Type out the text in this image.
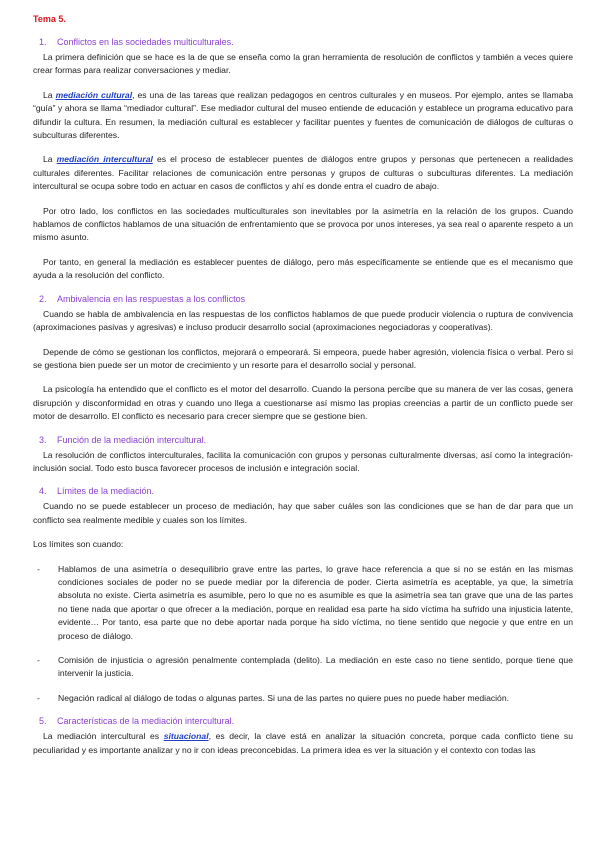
Tema 5.
1. Conflictos en las sociedades multiculturales.

La primera definición que se hace es la de que se enseña como la gran herramienta de resolución de conflictos y también a veces quiere crear formas para realizar conversaciones y mediar.

La mediación cultural, es una de las tareas que realizan pedagogos en centros culturales y en museos. Por ejemplo, antes se llamaba “guía” y ahora se llama “mediador cultural”. Ese mediador cultural del museo entiende de educación y establece un programa educativo para difundir la cultura. En resumen, la mediación cultural es establecer y facilitar puentes y fuentes de comunicación de diálogos de culturas o subculturas diferentes.

La mediación intercultural es el proceso de establecer puentes de diálogos entre grupos y personas que pertenecen a realidades culturales diferentes. Facilitar relaciones de comunicación entre personas y grupos de culturas o subculturas diferentes. La mediación intercultural se ocupa sobre todo en actuar en casos de conflictos y ahí es donde entra el cuadro de abajo.

Por otro lado, los conflictos en las sociedades multiculturales son inevitables por la asimetría en la relación de los grupos. Cuando hablamos de conflictos hablamos de una situación de enfrentamiento que se provoca por unos intereses, ya sea real o aparente respeto a un mismo asunto.

Por tanto, en general la mediación es establecer puentes de diálogo, pero más específicamente se entiende que es el mecanismo que ayuda a la resolución del conflicto.

2. Ambivalencia en las respuestas a los conflictos

Cuando se habla de ambivalencia en las respuestas de los conflictos hablamos de que puede producir violencia o ruptura de convivencia (aproximaciones pasivas y agresivas) e incluso producir desarrollo social (aproximaciones negociadoras y cooperativas).

Depende de cómo se gestionan los conflictos, mejorará o empeorará. Si empeora, puede haber agresión, violencia física o verbal. Pero si se gestiona bien puede ser un motor de crecimiento y un resorte para el desarrollo social y personal.

La psicología ha entendido que el conflicto es el motor del desarrollo. Cuando la persona percibe que su manera de ver las cosas, genera disrupción y disconformidad en otras y cuando uno llega a cuestionarse así mismo las propias creencias a partir de un conflicto puede ser motor de desarrollo. El conflicto es necesario para crecer siempre que se gestione bien.

3. Función de la mediación intercultural.

La resolución de conflictos interculturales, facilita la comunicación con grupos y personas culturalmente diversas, así como la integración-inclusión social. Todo esto busca favorecer procesos de inclusión e integración social.

4. Límites de la mediación.

Cuando no se puede establecer un proceso de mediación, hay que saber cuáles son las condiciones que se han de dar para que un conflicto sea realmente medible y cuales son los límites.

Los límites son cuando:

- Hablamos de una asimetría o desequilibrio grave entre las partes, lo grave hace referencia a que si no se están en las mismas condiciones sociales de poder no se puede mediar por la diferencia de poder. Cierta asimetría es aceptable, ya que, la simetría absoluta no existe. Cierta asimetría es asumible, pero lo que no es asumible es que la asimetría sea tan grave que una de las partes no tiene nada que aportar o que ofrecer a la mediación, porque en realidad esa parte ha sido víctima ha sufrido una injusticia latente, evidente… Por tanto, esa parte que no debe aportar nada porque ha sido víctima, no tiene sentido que negocie y que entre en un proceso de diálogo.
- Comisión de injusticia o agresión penalmente contemplada (delito). La mediación en este caso no tiene sentido, porque tiene que intervenir la justicia.
- Negación radical al diálogo de todas o algunas partes. Si una de las partes no quiere pues no puede haber mediación.
5. Características de la mediación intercultural.

La mediación intercultural es situacional, es decir, la clave está en analizar la situación concreta, porque cada conflicto tiene su peculiaridad y es importante analizar y no ir con ideas preconcebidas. La primera idea es ver la situación y el contexto con todas las
